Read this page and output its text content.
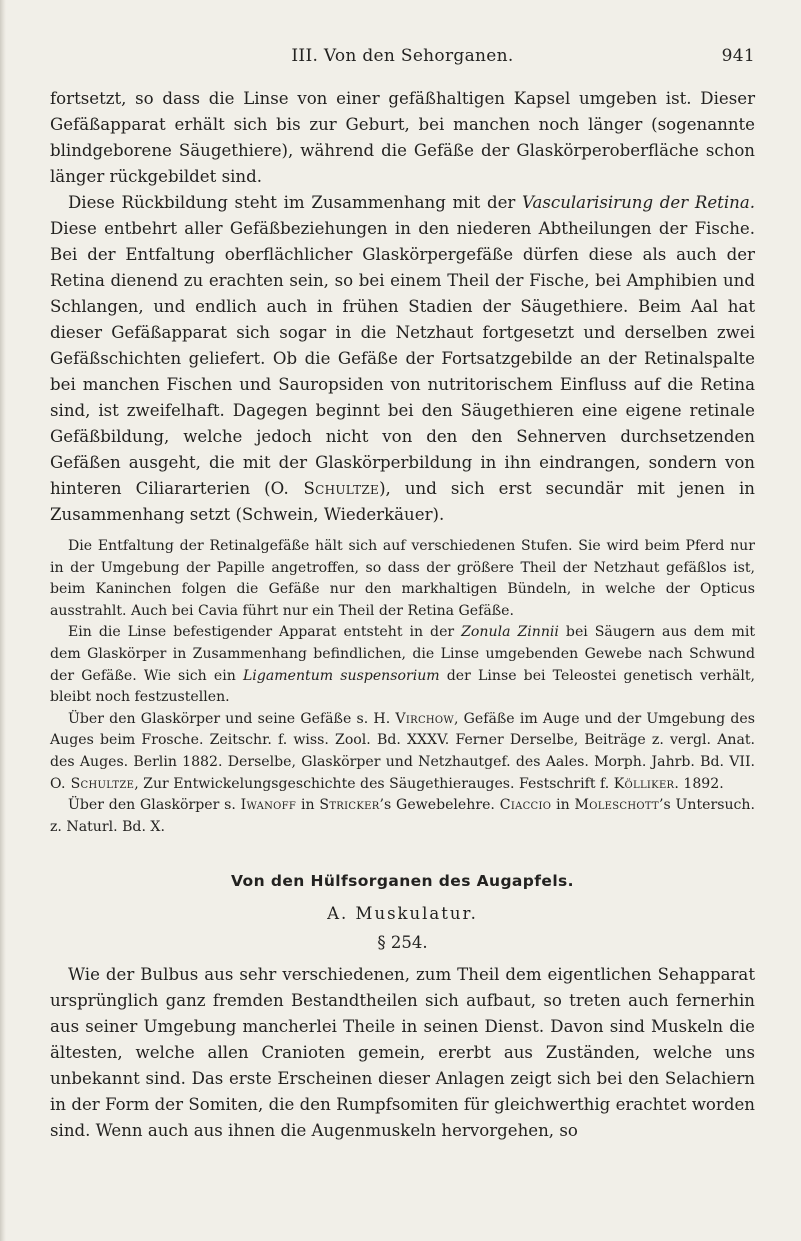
III. Von den Sehorganen.	941

fortsetzt, so dass die Linse von einer gefäßhaltigen Kapsel umgeben ist. Dieser Gefäßapparat erhält sich bis zur Geburt, bei manchen noch länger (sogenannte blindgeborene Säugethiere), während die Gefäße der Glaskörperoberfläche schon länger rückgebildet sind.

Diese Rückbildung steht im Zusammenhang mit der Vascularisirung der Retina. Diese entbehrt aller Gefäßbeziehungen in den niederen Abtheilungen der Fische. Bei der Entfaltung oberflächlicher Glaskörpergefäße dürfen diese als auch der Retina dienend zu erachten sein, so bei einem Theil der Fische, bei Amphibien und Schlangen, und endlich auch in frühen Stadien der Säugethiere. Beim Aal hat dieser Gefäßapparat sich sogar in die Netzhaut fortgesetzt und derselben zwei Gefäßschichten geliefert. Ob die Gefäße der Fortsatzgebilde an der Retinalspalte bei manchen Fischen und Sauropsiden von nutritorischem Einfluss auf die Retina sind, ist zweifelhaft. Dagegen beginnt bei den Säugethieren eine eigene retinale Gefäßbildung, welche jedoch nicht von den den Sehnerven durchsetzenden Gefäßen ausgeht, die mit der Glaskörperbildung in ihn eindrangen, sondern von hinteren Ciliararterien (O. Schultze), und sich erst secundär mit jenen in Zusammenhang setzt (Schwein, Wiederkäuer).

Die Entfaltung der Retinalgefäße hält sich auf verschiedenen Stufen. Sie wird beim Pferd nur in der Umgebung der Papille angetroffen, so dass der größere Theil der Netzhaut gefäßlos ist, beim Kaninchen folgen die Gefäße nur den markhaltigen Bündeln, in welche der Opticus ausstrahlt. Auch bei Cavia führt nur ein Theil der Retina Gefäße.

Ein die Linse befestigender Apparat entsteht in der Zonula Zinnii bei Säugern aus dem mit dem Glaskörper in Zusammenhang befindlichen, die Linse umgebenden Gewebe nach Schwund der Gefäße. Wie sich ein Ligamentum suspensorium der Linse bei Teleostei genetisch verhält, bleibt noch festzustellen.

Über den Glaskörper und seine Gefäße s. H. Virchow, Gefäße im Auge und der Umgebung des Auges beim Frosche. Zeitschr. f. wiss. Zool. Bd. XXXV. Ferner Derselbe, Beiträge z. vergl. Anat. des Auges. Berlin 1882. Derselbe, Glaskörper und Netzhautgef. des Aales. Morph. Jahrb. Bd. VII. O. Schultze, Zur Entwickelungsgeschichte des Säugethierauges. Festschrift f. Kölliker. 1892.

Über den Glaskörper s. Iwanoff in Stricker’s Gewebelehre. Ciaccio in Moleschott’s Untersuch. z. Naturl. Bd. X.

Von den Hülfsorganen des Augapfels.
A. Muskulatur.
§ 254.

Wie der Bulbus aus sehr verschiedenen, zum Theil dem eigentlichen Sehapparat ursprünglich ganz fremden Bestandtheilen sich aufbaut, so treten auch fernerhin aus seiner Umgebung mancherlei Theile in seinen Dienst. Davon sind Muskeln die ältesten, welche allen Cranioten gemein, ererbt aus Zuständen, welche uns unbekannt sind. Das erste Erscheinen dieser Anlagen zeigt sich bei den Selachiern in der Form der Somiten, die den Rumpfsomiten für gleichwerthig erachtet worden sind. Wenn auch aus ihnen die Augenmuskeln hervorgehen, so
